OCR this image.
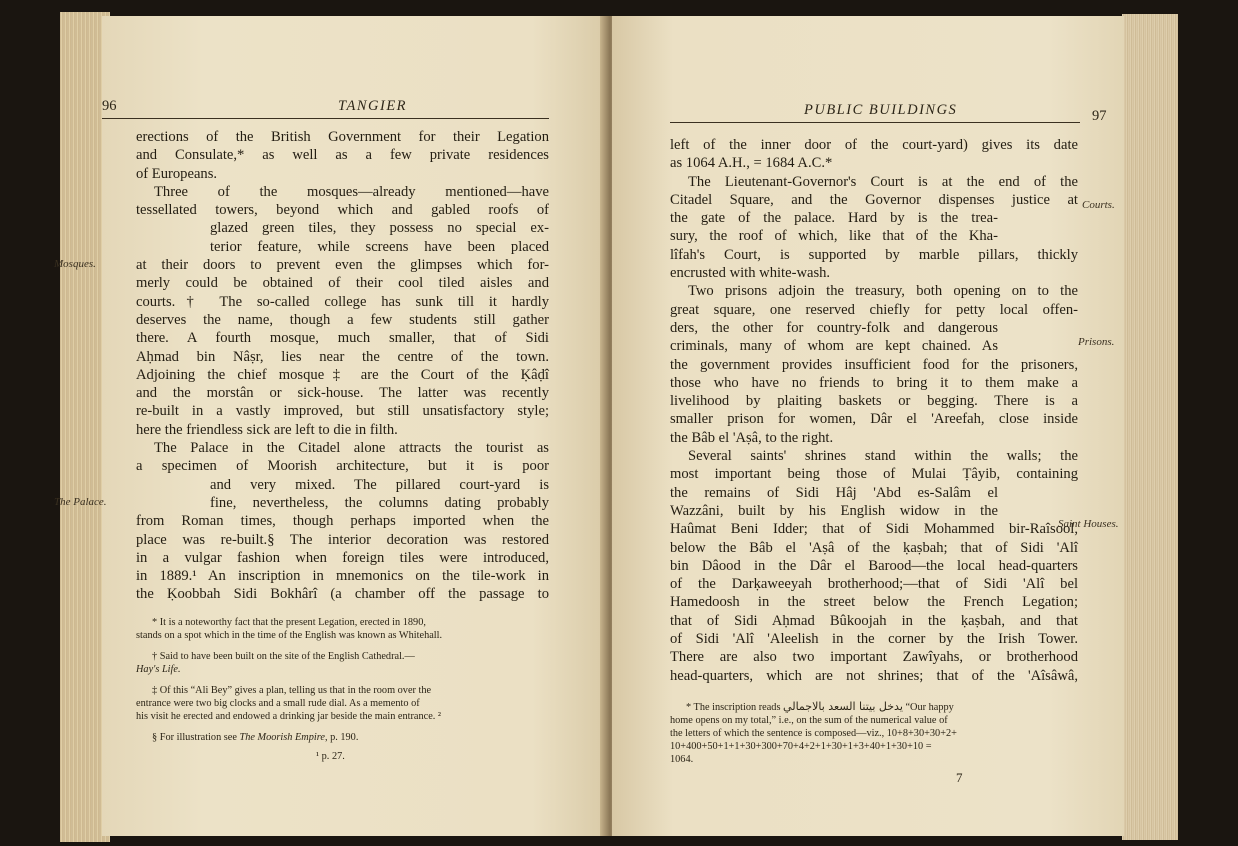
96	TANGIER
Mosques.
The Palace.
erections of the British Government for their Legation
and Consulate,* as well as a few private residences
of Europeans.
Three of the mosques—already mentioned—have
tessellated towers, beyond which and gabled roofs of
glazed green tiles, they possess no special ex-
terior feature, while screens have been placed
at their doors to prevent even the glimpses which for-
merly could be obtained of their cool tiled aisles and
courts.† The so-called college has sunk till it hardly
deserves the name, though a few students still gather
there. A fourth mosque, much smaller, that of Sidi
Aḥmad bin Nâṣr, lies near the centre of the town.
Adjoining the chief mosque‡ are the Court of the Ḳâḍî
and the morstân or sick-house. The latter was recently
re-built in a vastly improved, but still unsatisfactory style;
here the friendless sick are left to die in filth.
The Palace in the Citadel alone attracts the tourist as
a specimen of Moorish architecture, but it is poor
and very mixed. The pillared court-yard is
fine, nevertheless, the columns dating probably
from Roman times, though perhaps imported when the
place was re-built.§ The interior decoration was restored
in a vulgar fashion when foreign tiles were introduced,
in 1889.¹ An inscription in mnemonics on the tile-work in
the Ḳoobbah Sidi Bokhârî (a chamber off the passage to
* It is a noteworthy fact that the present Legation, erected in 1890,
stands on a spot which in the time of the English was known as Whitehall.
† Said to have been built on the site of the English Cathedral.—
Hay's Life.
‡ Of this “Ali Bey” gives a plan, telling us that in the room over the
entrance were two big clocks and a small rude dial. As a memento of
his visit he erected and endowed a drinking jar beside the main entrance. ²
§ For illustration see The Moorish Empire, p. 190.
¹ p. 27.
PUBLIC BUILDINGS	97
Courts.
Prisons.
Saint Houses.
left of the inner door of the court-yard) gives its date
as 1064 A.H., = 1684 A.C.*
The Lieutenant-Governor's Court is at the end of the
Citadel Square, and the Governor dispenses justice at
the gate of the palace. Hard by is the trea-
sury, the roof of which, like that of the Kha-
lîfah's Court, is supported by marble pillars, thickly
encrusted with white-wash.
Two prisons adjoin the treasury, both opening on to the
great square, one reserved chiefly for petty local offen-
ders, the other for country-folk and dangerous
criminals, many of whom are kept chained. As
the government provides insufficient food for the prisoners,
those who have no friends to bring it to them make a
livelihood by plaiting baskets or begging. There is a
smaller prison for women, Dâr el 'Areefah, close inside
the Bâb el 'Aṣâ, to the right.
Several saints' shrines stand within the walls; the
most important being those of Mulai Ṭâyib, containing
the remains of Sidi Hâj 'Abd es-Salâm el
Wazzâni, built by his English widow in the
Haûmat Beni Idder; that of Sidi Mohammed bir-Raîsool,
below the Bâb el 'Aṣâ of the ḳaṣbah; that of Sidi 'Alî
bin Dâood in the Dâr el Barood—the local head-quarters
of the Darḳaweeyah brotherhood;—that of Sidi 'Alî bel
Hamedoosh in the street below the French Legation;
that of Sidi Aḥmad Bûkoojah in the ḳaṣbah, and that
of Sidi 'Alî 'Aleelish in the corner by the Irish Tower.
There are also two important Zawîyahs, or brotherhood
head-quarters, which are not shrines; that of the 'Aîsâwâ,
* The inscription reads يدخل بيتنا السعد بالاجمالي “Our happy
home opens on my total,” i.e., on the sum of the numerical value of
the letters of which the sentence is composed—viz., 10+8+30+30+2+
10+400+50+1+1+30+300+70+4+2+1+30+1+3+40+1+30+10 =
1064.
7
